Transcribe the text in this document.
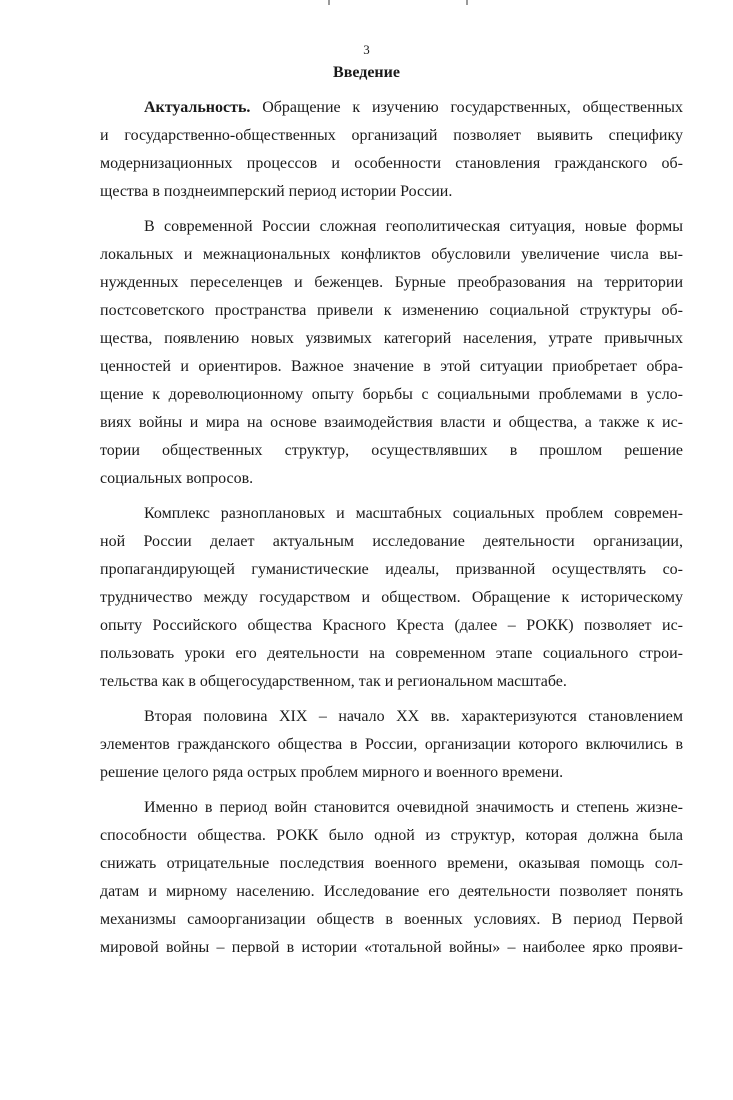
3
Введение
Актуальность. Обращение к изучению государственных, общественных
и государственно-общественных организаций позволяет выявить специфику
модернизационных процессов и особенности становления гражданского об-
щества в позднеимперский период истории России.
В современной России сложная геополитическая ситуация, новые формы
локальных и межнациональных конфликтов обусловили увеличение числа вы-
нужденных переселенцев и беженцев. Бурные преобразования на территории
постсоветского пространства привели к изменению социальной структуры об-
щества, появлению новых уязвимых категорий населения, утрате привычных
ценностей и ориентиров. Важное значение в этой ситуации приобретает обра-
щение к дореволюционному опыту борьбы с социальными проблемами в усло-
виях войны и мира на основе взаимодействия власти и общества, а также к ис-
тории общественных структур, осуществлявших в прошлом решение
социальных вопросов.
Комплекс разноплановых и масштабных социальных проблем современ-
ной России делает актуальным исследование деятельности организации,
пропагандирующей гуманистические идеалы, призванной осуществлять со-
трудничество между государством и обществом. Обращение к историческому
опыту Российского общества Красного Креста (далее – РОКК) позволяет ис-
пользовать уроки его деятельности на современном этапе социального строи-
тельства как в общегосударственном, так и региональном масштабе.
Вторая половина XIX – начало XX вв. характеризуются становлением
элементов гражданского общества в России, организации которого включились в
решение целого ряда острых проблем мирного и военного времени.
Именно в период войн становится очевидной значимость и степень жизне-
способности общества. РОКК было одной из структур, которая должна была
снижать отрицательные последствия военного времени, оказывая помощь сол-
датам и мирному населению. Исследование его деятельности позволяет понять
механизмы самоорганизации обществ в военных условиях. В период Первой
мировой войны – первой в истории «тотальной войны» – наиболее ярко прояви-
